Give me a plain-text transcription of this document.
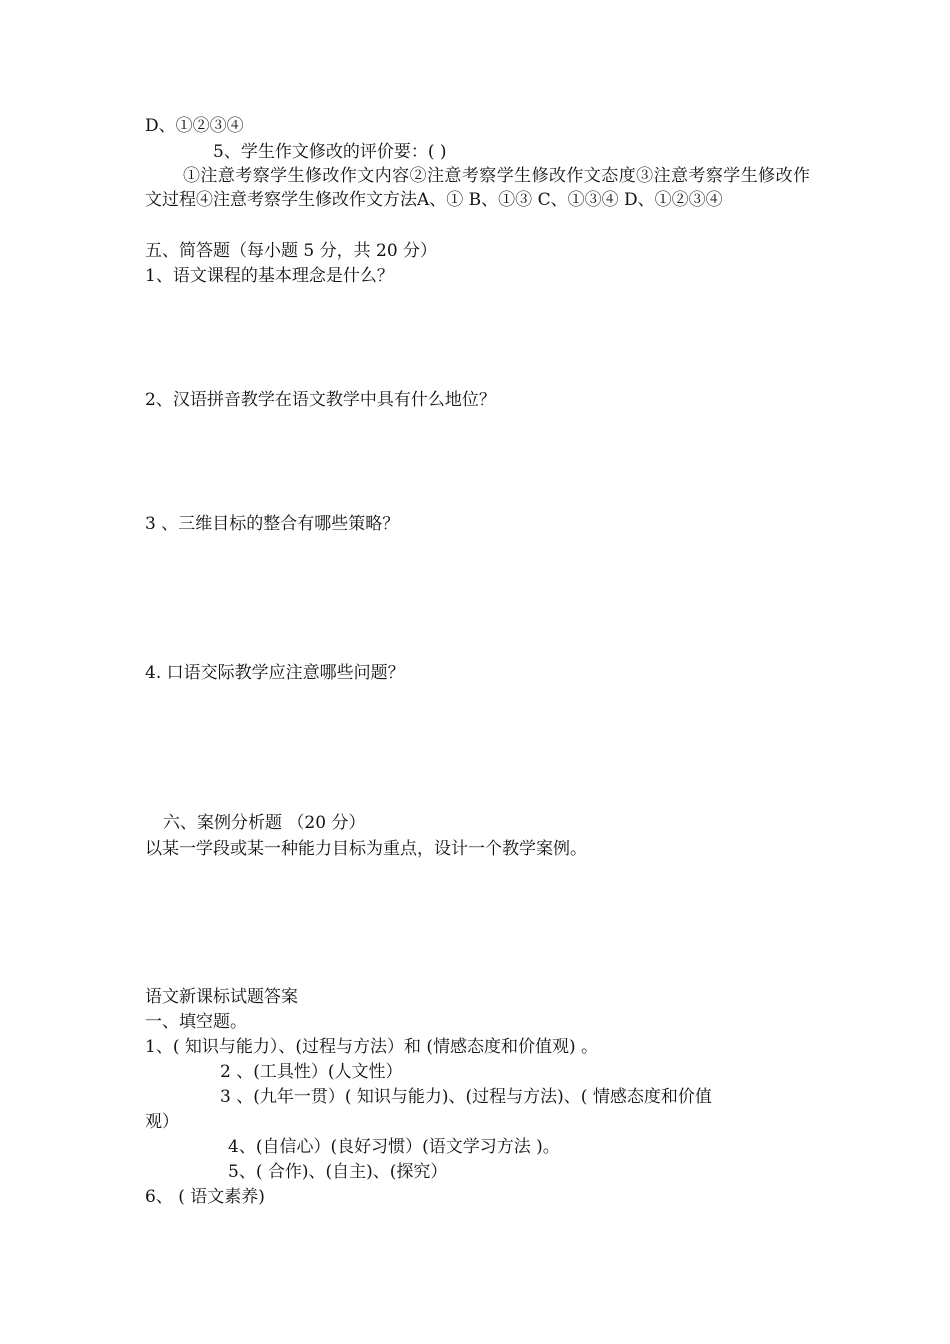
D、①②③④
5、学生作文修改的评价要：( )
①注意考察学生修改作文内容②注意考察学生修改作文态度③注意考察学生修改作文过程④注意考察学生修改作文方法A、① B、①③ C、①③④ D、①②③④
五、简答题（每小题 5 分，共 20 分）
1、语文课程的基本理念是什么？
2、汉语拼音教学在语文教学中具有什么地位？
3 、三维目标的整合有哪些策略？
4. 口语交际教学应注意哪些问题？
六、案例分析题 （20 分）
以某一学段或某一种能力目标为重点，设计一个教学案例。
语文新课标试题答案
一、填空题。
1、( 知识与能力）、(过程与方法）和 (情感态度和价值观) 。
2 、(工具性）(人文性）
3 、(九年一贯）( 知识与能力)、(过程与方法)、( 情感态度和价值
观）
4、(自信心）(良好习惯）(语文学习方法 )。
5、( 合作)、(自主)、(探究）
6、 ( 语文素养)
